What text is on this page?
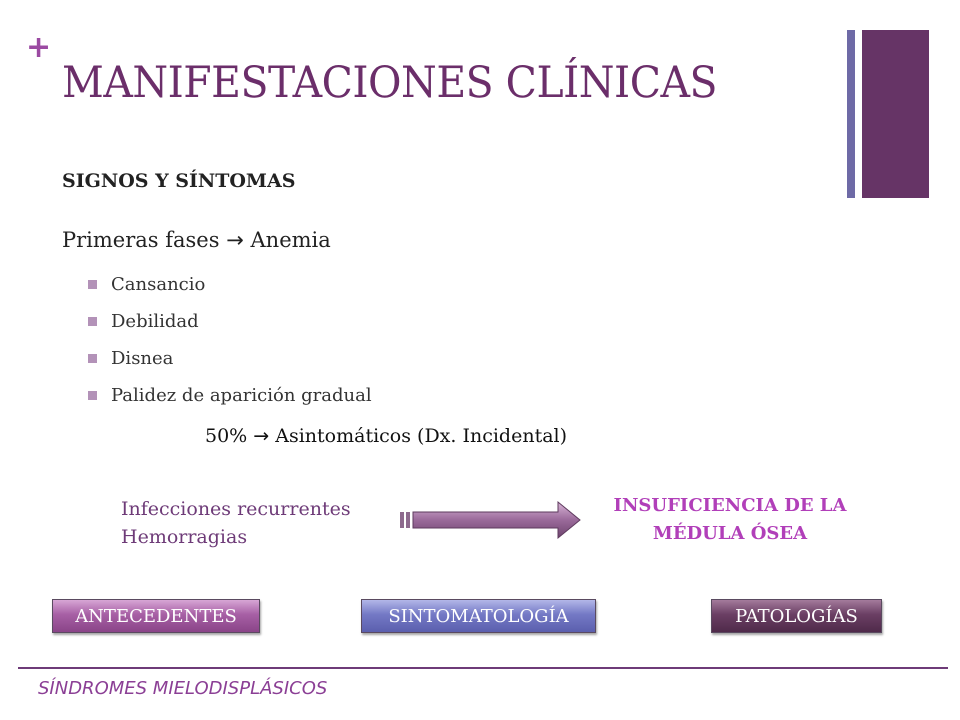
+
MANIFESTACIONES CLÍNICAS
SIGNOS Y SÍNTOMAS
Primeras fases → Anemia
Cansancio
Debilidad
Disnea
Palidez de aparición gradual
50% → Asintomáticos (Dx. Incidental)
Infecciones recurrentes
Hemorragias
INSUFICIENCIA DE LA
MÉDULA ÓSEA
ANTECEDENTES	SINTOMATOLOGÍA	PATOLOGÍAS
SÍNDROMES MIELODISPLÁSICOS
